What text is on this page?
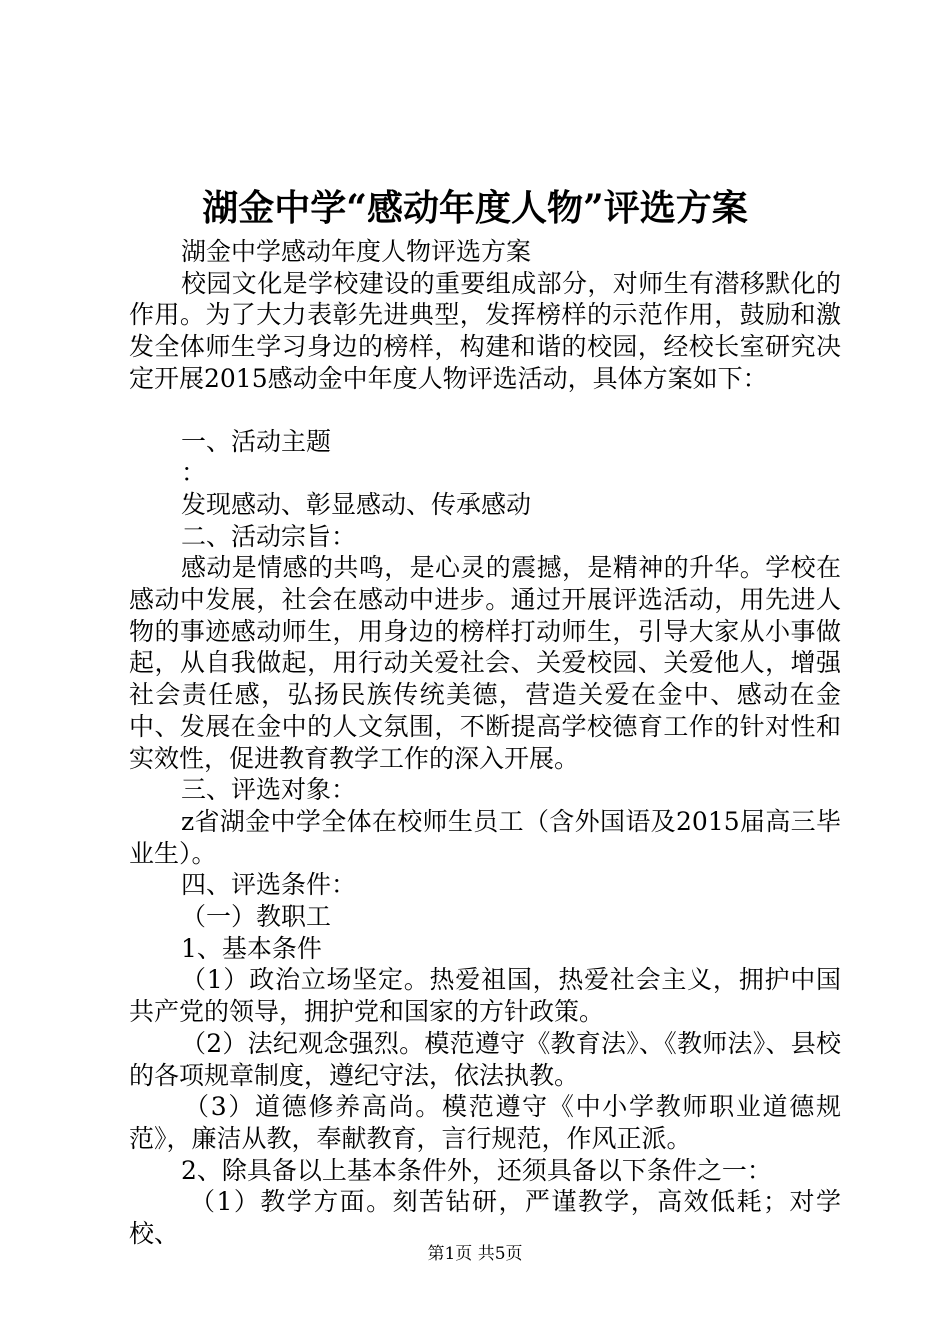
湖金中学“感动年度人物”评选方案

湖金中学感动年度人物评选方案

校园文化是学校建设的重要组成部分，对师生有潜移默化的作用。为了大力表彰先进典型，发挥榜样的示范作用，鼓励和激发全体师生学习身边的榜样，构建和谐的校园，经校长室研究决定开展2015感动金中年度人物评选活动，具体方案如下：

一、活动主题

：

发现感动、彰显感动、传承感动

二、活动宗旨：

感动是情感的共鸣，是心灵的震撼，是精神的升华。学校在感动中发展，社会在感动中进步。通过开展评选活动，用先进人物的事迹感动师生，用身边的榜样打动师生，引导大家从小事做起，从自我做起，用行动关爱社会、关爱校园、关爱他人，增强社会责任感，弘扬民族传统美德，营造关爱在金中、感动在金中、发展在金中的人文氛围，不断提高学校德育工作的针对性和实效性，促进教育教学工作的深入开展。

三、评选对象：

z省湖金中学全体在校师生员工（含外国语及2015届高三毕业生）。

四、评选条件：

（一）教职工

1、基本条件

（1）政治立场坚定。热爱祖国，热爱社会主义，拥护中国共产党的领导，拥护党和国家的方针政策。

（2）法纪观念强烈。模范遵守《教育法》、《教师法》、县校的各项规章制度，遵纪守法，依法执教。

（3）道德修养高尚。模范遵守《中小学教师职业道德规范》，廉洁从教，奉献教育，言行规范，作风正派。

2、除具备以上基本条件外，还须具备以下条件之一：

（1）教学方面。刻苦钻研，严谨教学，高效低耗；对学校、

第1页 共5页
